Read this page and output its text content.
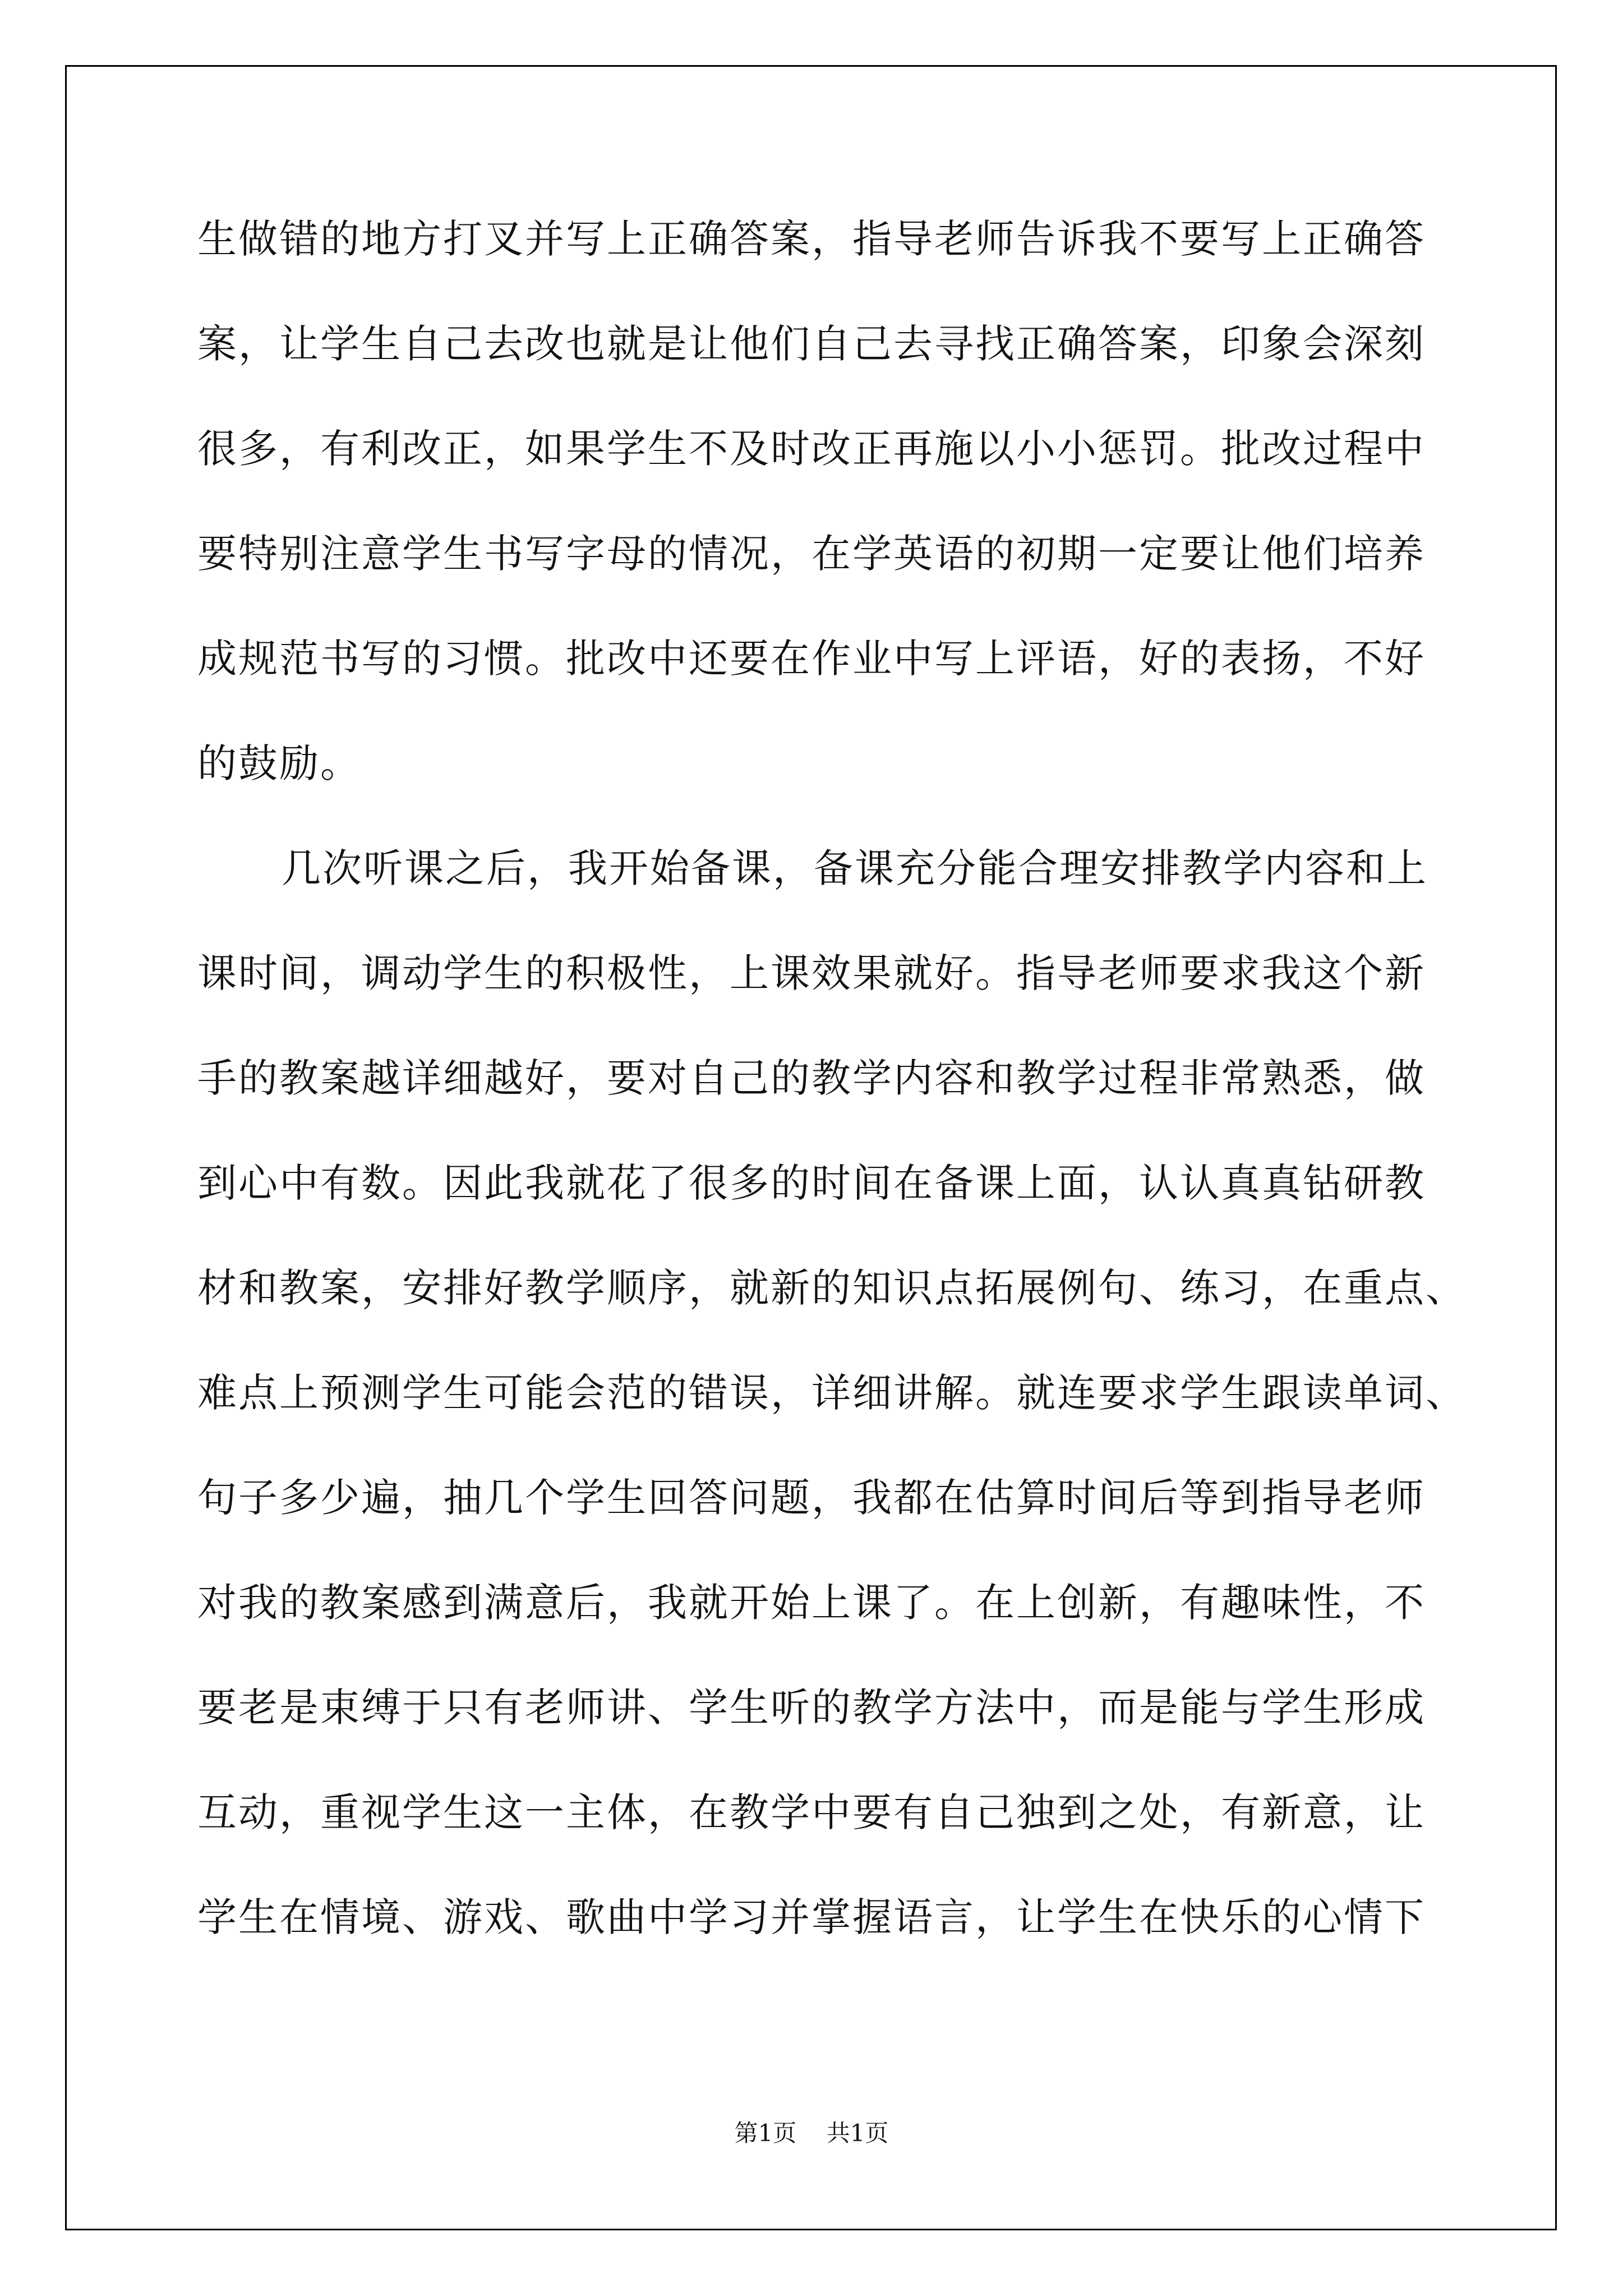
生做错的地方打叉并写上正确答案，指导老师告诉我不要写上正确答
案，让学生自己去改也就是让他们自己去寻找正确答案，印象会深刻
很多，有利改正，如果学生不及时改正再施以小小惩罚。批改过程中
要特别注意学生书写字母的情况，在学英语的初期一定要让他们培养
成规范书写的习惯。批改中还要在作业中写上评语，好的表扬，不好
的鼓励。
几次听课之后，我开始备课，备课充分能合理安排教学内容和上
课时间，调动学生的积极性，上课效果就好。指导老师要求我这个新
手的教案越详细越好，要对自己的教学内容和教学过程非常熟悉，做
到心中有数。因此我就花了很多的时间在备课上面，认认真真钻研教
材和教案，安排好教学顺序，就新的知识点拓展例句、练习，在重点、
难点上预测学生可能会范的错误，详细讲解。就连要求学生跟读单词、
句子多少遍，抽几个学生回答问题，我都在估算时间后等到指导老师
对我的教案感到满意后，我就开始上课了。在上创新，有趣味性，不
要老是束缚于只有老师讲、学生听的教学方法中，而是能与学生形成
互动，重视学生这一主体，在教学中要有自己独到之处，有新意，让
学生在情境、游戏、歌曲中学习并掌握语言，让学生在快乐的心情下
第1页 共1页
